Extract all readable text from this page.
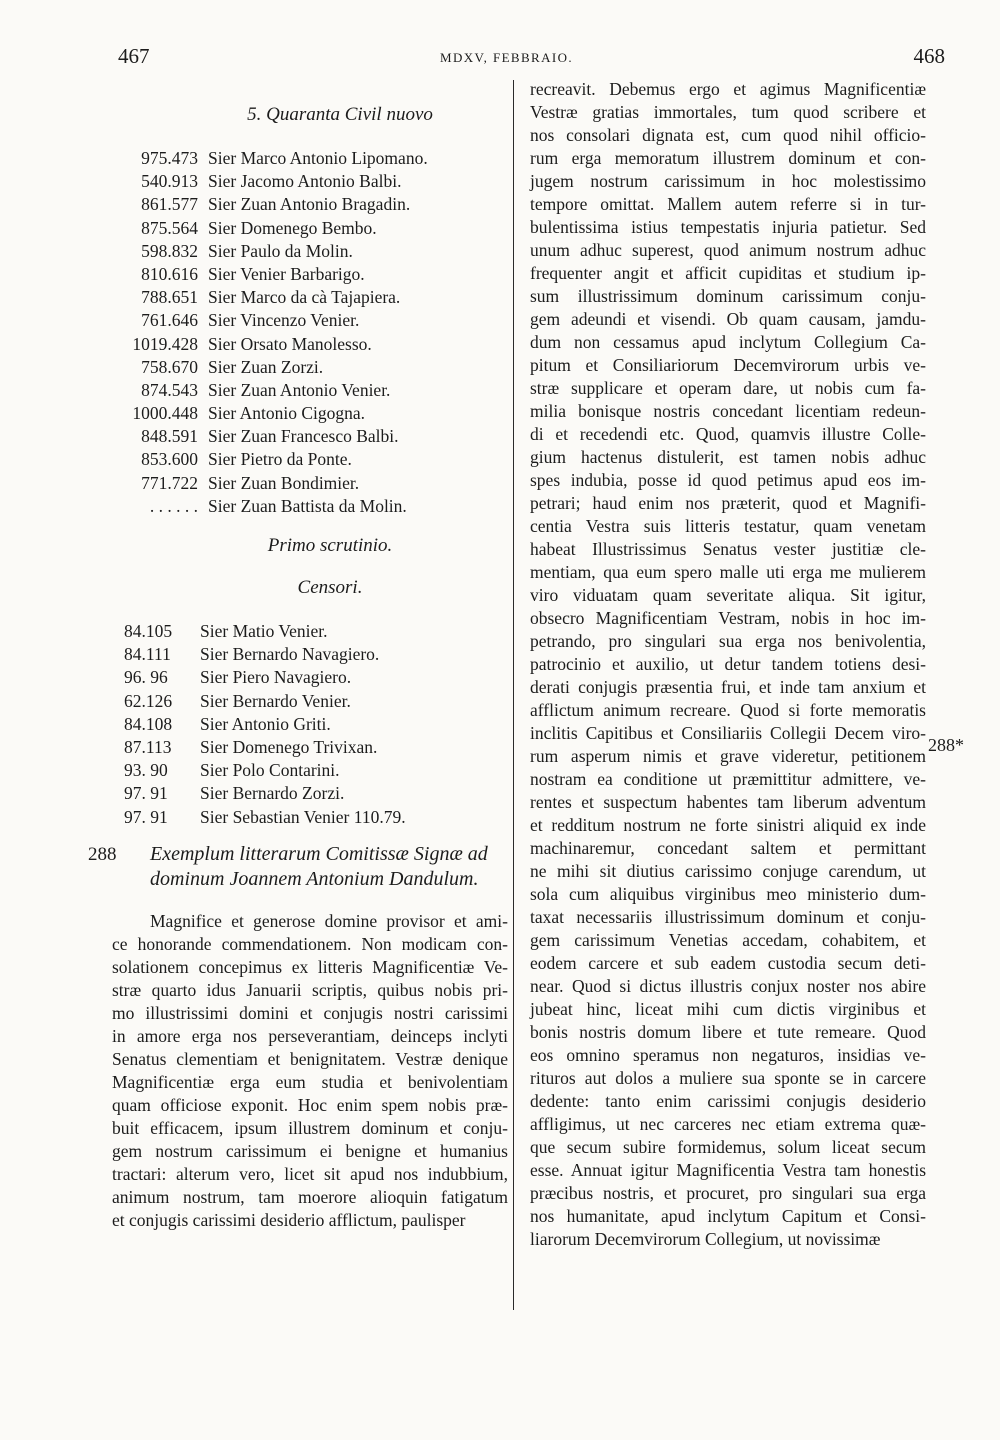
467	MDXV, FEBBRAIO.	468
5. Quaranta Civil nuovo
975.473 Sier Marco Antonio Lipomano.
540.913 Sier Jacomo Antonio Balbi.
861.577 Sier Zuan Antonio Bragadin.
875.564 Sier Domenego Bembo.
598.832 Sier Paulo da Molin.
810.616 Sier Venier Barbarigo.
788.651 Sier Marco da cà Tajapiera.
761.646 Sier Vincenzo Venier.
1019.428 Sier Orsato Manolesso.
758.670 Sier Zuan Zorzi.
874.543 Sier Zuan Antonio Venier.
1000.448 Sier Antonio Cigogna.
848.591 Sier Zuan Francesco Balbi.
853.600 Sier Pietro da Ponte.
771.722 Sier Zuan Bondimier.
. . . . . . Sier Zuan Battista da Molin.
Primo scrutinio.
Censori.
84.105 Sier Matio Venier.
84.111 Sier Bernardo Navagiero.
96. 96 Sier Piero Navagiero.
62.126 Sier Bernardo Venier.
84.108 Sier Antonio Griti.
87.113 Sier Domenego Trivixan.
93. 90 Sier Polo Contarini.
97. 91 Sier Bernardo Zorzi.
97. 91 Sier Sebastian Venier 110.79.
288 Exemplum litterarum Comitissæ Signæ ad
dominum Joannem Antonium Dandulum.
Magnifice et generose domine provisor et ami-
ce honorande commendationem. Non modicam con-
solationem concepimus ex litteris Magnificentiæ Ve-
stræ quarto idus Januarii scriptis, quibus nobis pri-
mo illustrissimi domini et conjugis nostri carissimi
in amore erga nos perseverantiam, deinceps inclyti
Senatus clementiam et benignitatem. Vestræ denique
Magnificentiæ erga eum studia et benivolentiam
quam officiose exponit. Hoc enim spem nobis præ-
buit efficacem, ipsum illustrem dominum et conju-
gem nostrum carissimum ei benigne et humanius
tractari: alterum vero, licet sit apud nos indubbium,
animum nostrum, tam moerore alioquin fatigatum
et conjugis carissimi desiderio afflictum, paulisper
recreavit. Debemus ergo et agimus Magnificentiæ
Vestræ gratias immortales, tum quod scribere et
nos consolari dignata est, cum quod nihil officio-
rum erga memoratum illustrem dominum et con-
jugem nostrum carissimum in hoc molestissimo
tempore omittat. Mallem autem referre si in tur-
bulentissima istius tempestatis injuria patietur. Sed
unum adhuc superest, quod animum nostrum adhuc
frequenter angit et afficit cupiditas et studium ip-
sum illustrissimum dominum carissimum conju-
gem adeundi et visendi. Ob quam causam, jamdu-
dum non cessamus apud inclytum Collegium Ca-
pitum et Consiliariorum Decemvirorum urbis ve-
stræ supplicare et operam dare, ut nobis cum fa-
milia bonisque nostris concedant licentiam redeun-
di et recedendi etc. Quod, quamvis illustre Colle-
gium hactenus distulerit, est tamen nobis adhuc
spes indubia, posse id quod petimus apud eos im-
petrari; haud enim nos præterit, quod et Magnifi-
centia Vestra suis litteris testatur, quam venetam
habeat Illustrissimus Senatus vester justitiæ cle-
mentiam, qua eum spero malle uti erga me mulierem
viro viduatam quam severitate aliqua. Sit igitur,
obsecro Magnificentiam Vestram, nobis in hoc im-
petrando, pro singulari sua erga nos benivolentia,
patrocinio et auxilio, ut detur tandem totiens desi-
derati conjugis præsentia frui, et inde tam anxium et
afflictum animum recreare. Quod si forte memoratis
inclitis Capitibus et Consiliariis Collegii Decem viro-
rum asperum nimis et grave videretur, petitionem
nostram ea conditione ut præmittitur admittere, ve-
rentes et suspectum habentes tam liberum adventum
et redditum nostrum ne forte sinistri aliquid ex inde
machinaremur, concedant saltem et permittant
ne mihi sit diutius carissimo conjuge carendum, ut
sola cum aliquibus virginibus meo ministerio dum-
taxat necessariis illustrissimum dominum et conju-
gem carissimum Venetias accedam, cohabitem, et
eodem carcere et sub eadem custodia secum deti-
near. Quod si dictus illustris conjux noster nos abire
jubeat hinc, liceat mihi cum dictis virginibus et
bonis nostris domum libere et tute remeare. Quod
eos omnino speramus non negaturos, insidias ve-
rituros aut dolos a muliere sua sponte se in carcere
dedente: tanto enim carissimi conjugis desiderio
affligimus, ut nec carceres nec etiam extrema quæ-
que secum subire formidemus, solum liceat secum
esse. Annuat igitur Magnificentia Vestra tam honestis
præcibus nostris, et procuret, pro singulari sua erga
nos humanitate, apud inclytum Capitum et Consi-
liarorum Decemvirorum Collegium, ut novissimæ
288*
